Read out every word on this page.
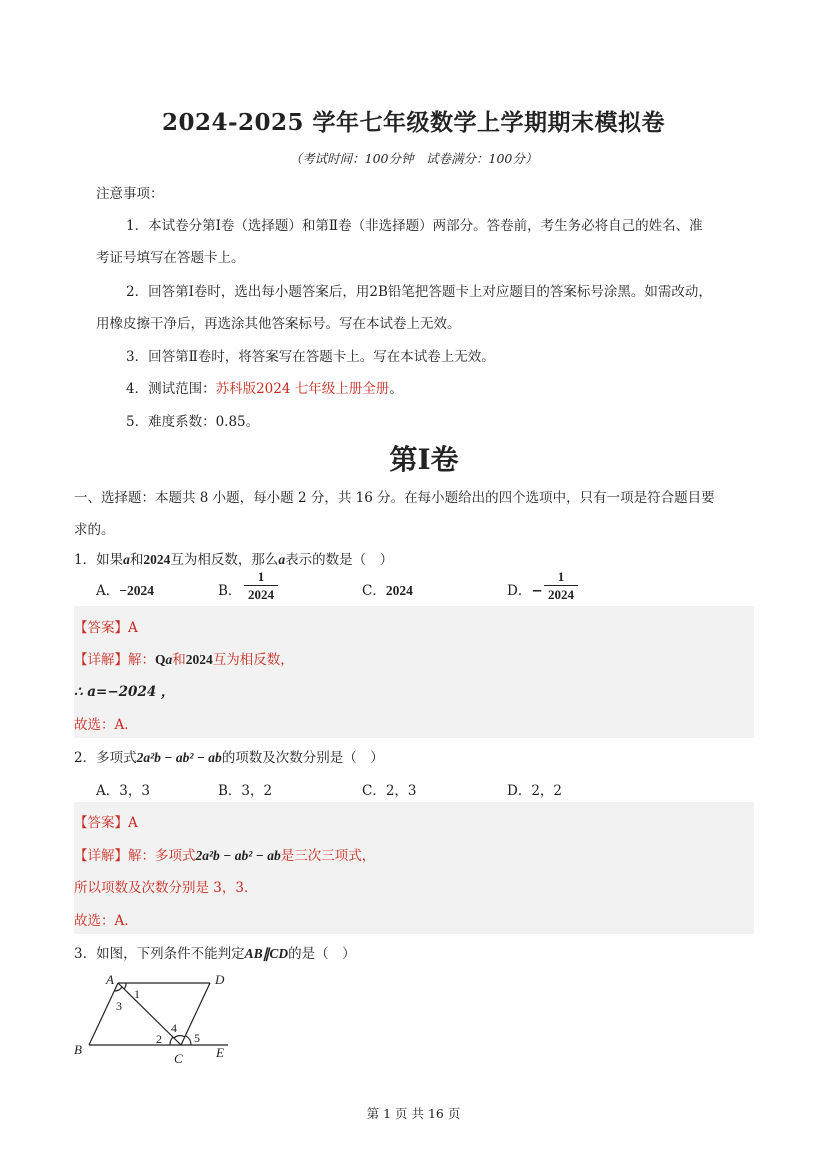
2024-2025 学年七年级数学上学期期末模拟卷
（考试时间：100分钟　试卷满分：100分）
注意事项：
1．本试卷分第Ⅰ卷（选择题）和第Ⅱ卷（非选择题）两部分。答卷前，考生务必将自己的姓名、准
考证号填写在答题卡上。
2．回答第Ⅰ卷时，选出每小题答案后，用2B铅笔把答题卡上对应题目的答案标号涂黑。如需改动，
用橡皮擦干净后，再选涂其他答案标号。写在本试卷上无效。
3．回答第Ⅱ卷时，将答案写在答题卡上。写在本试卷上无效。
4．测试范围：苏科版2024 七年级上册全册。
5．难度系数：0.85。
第I卷
一、选择题：本题共 8 小题，每小题 2 分，共 16 分。在每小题给出的四个选项中，只有一项是符合题目要
求的。
1．如果a和2024互为相反数，那么a表示的数是（　）
A．−2024	B．
1
2024	C．2024	D．−
1
2024
【答案】A
【详解】解：Qa和2024互为相反数，
∴ a=−2024 ，
故选：A．
2．多项式2a²b − ab² − ab的项数及次数分别是（　）
A．3，3	B．3，2	C．2，3	D．2，2
【答案】A
【详解】解：多项式2a²b − ab² − ab是三次三项式，
所以项数及次数分别是 3，3．
故选：A．
3．如图，下列条件不能判定AB∥CD的是（　）
A	D
B
C	E
1
3
2
4
5
第 1 页 共 16 页
